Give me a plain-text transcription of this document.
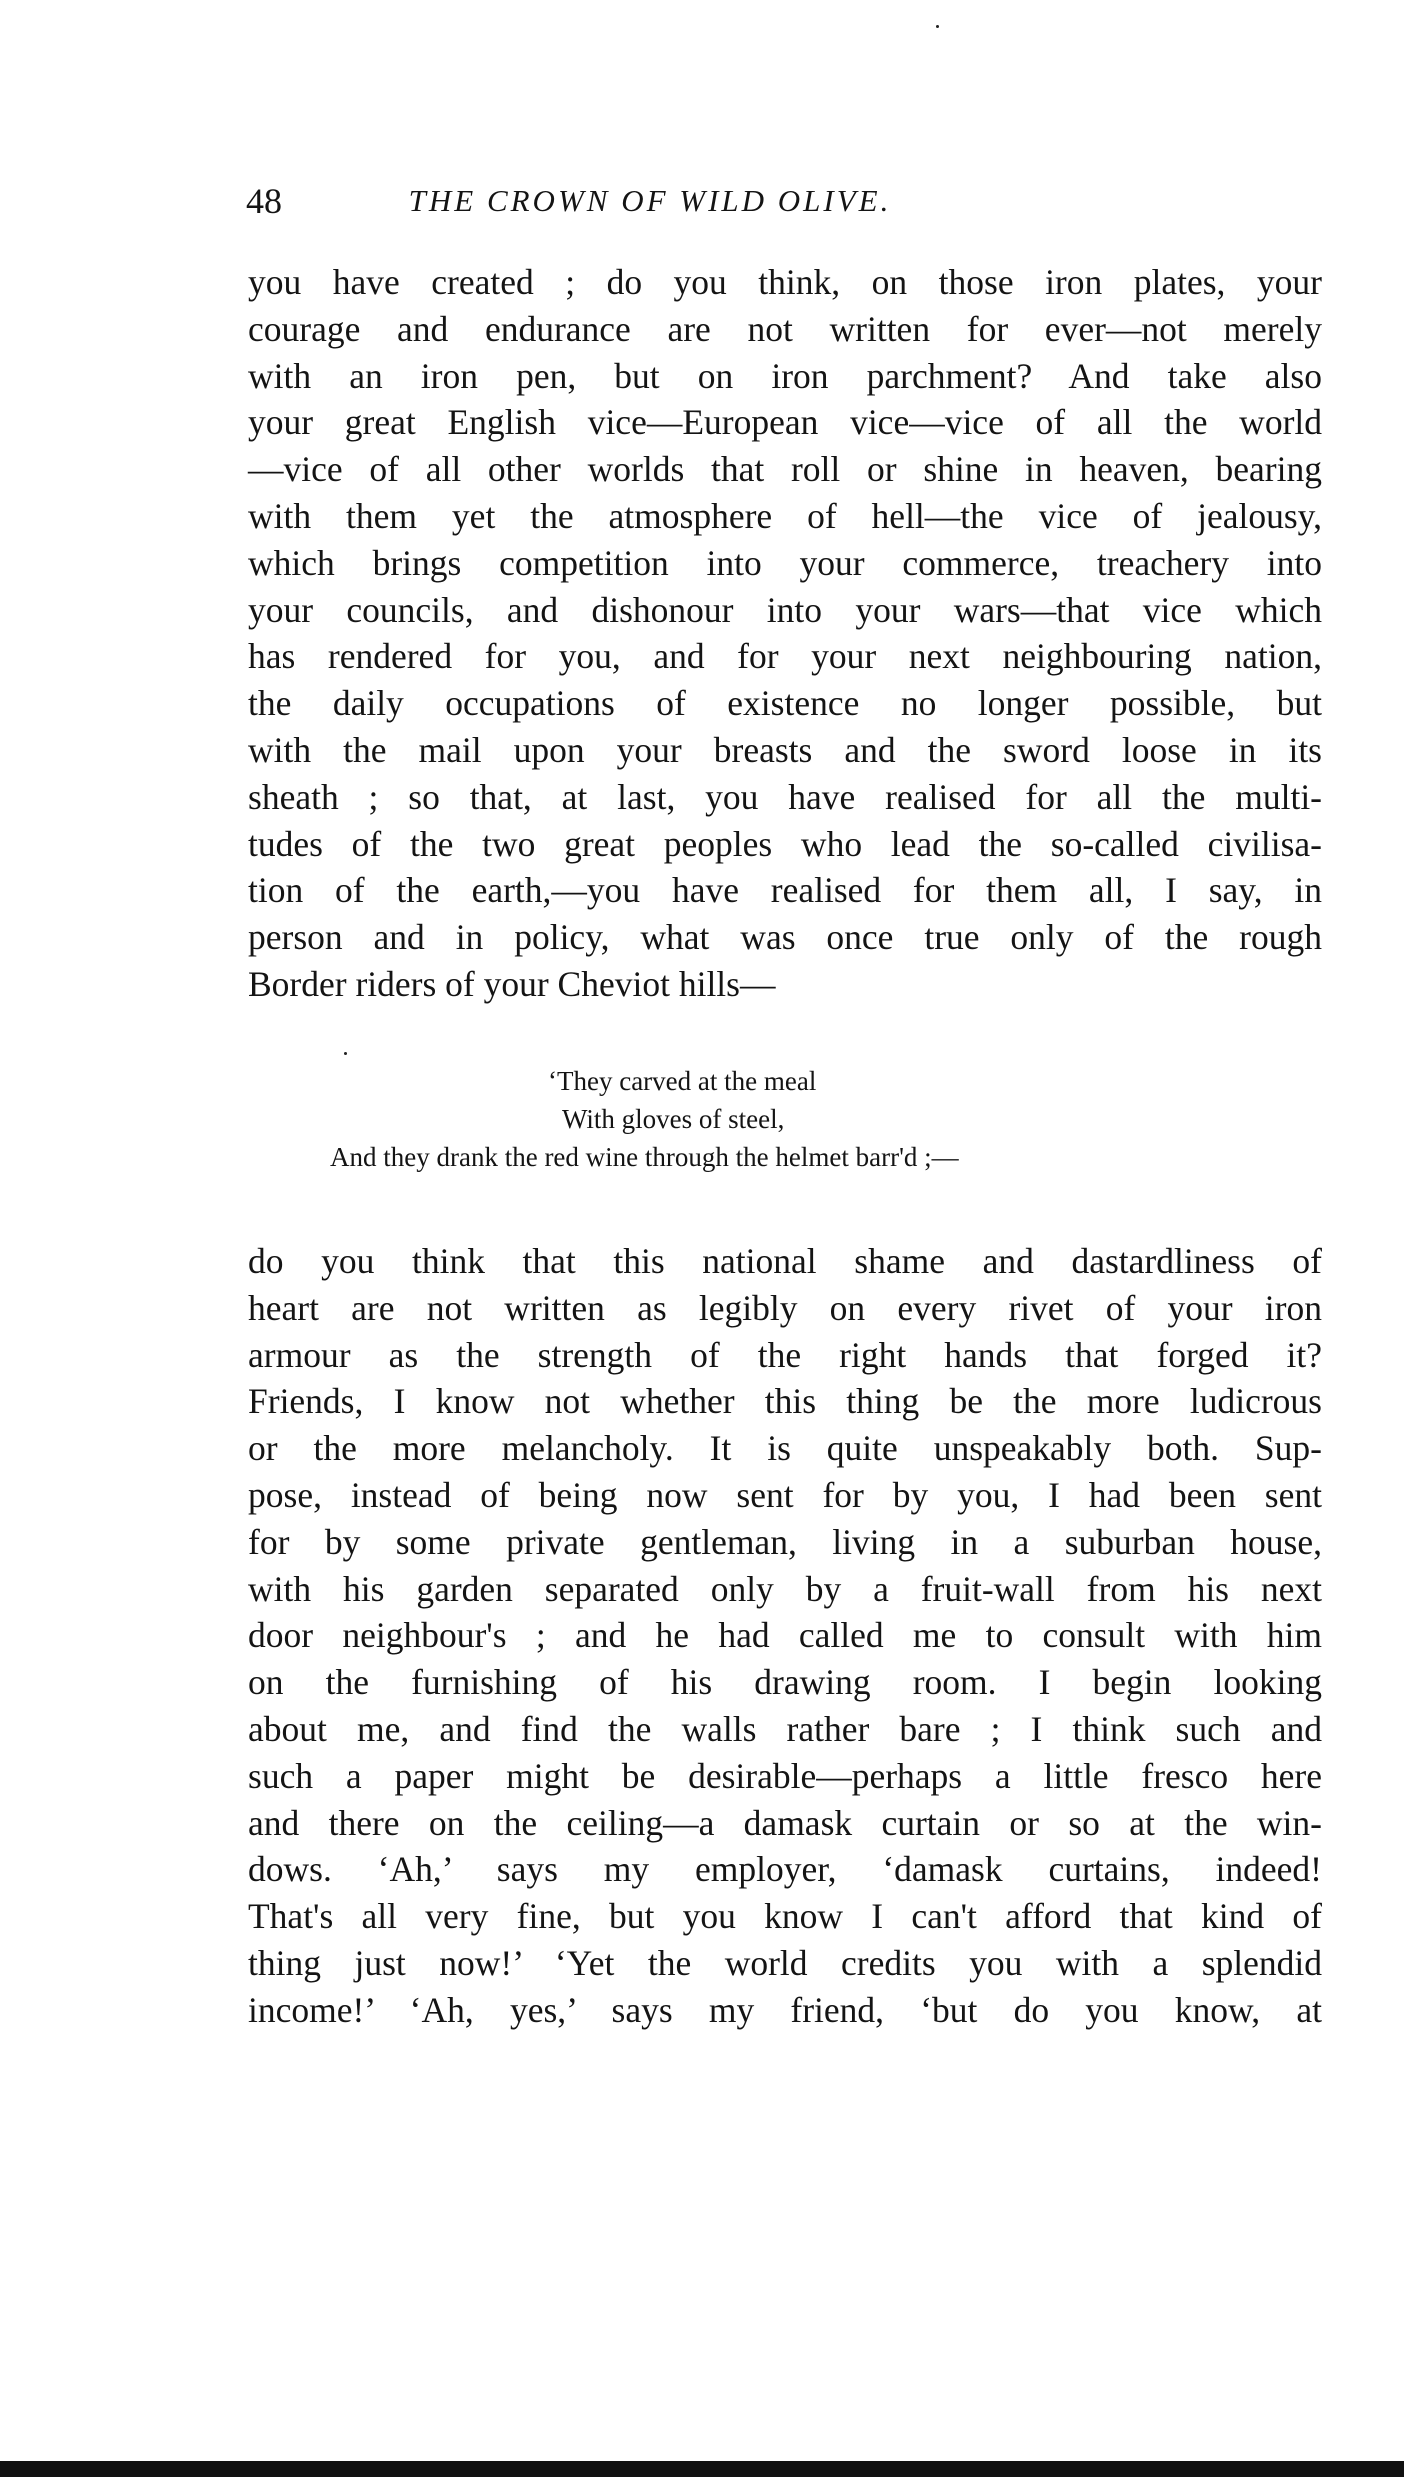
48	THE CROWN OF WILD OLIVE.

you have created ; do you think, on those iron plates, your
courage and endurance are not written for ever—not merely
with an iron pen, but on iron parchment? And take also
your great English vice—European vice—vice of all the world
—vice of all other worlds that roll or shine in heaven, bearing
with them yet the atmosphere of hell—the vice of jealousy,
which brings competition into your commerce, treachery into
your councils, and dishonour into your wars—that vice which
has rendered for you, and for your next neighbouring nation,
the daily occupations of existence no longer possible, but
with the mail upon your breasts and the sword loose in its
sheath ; so that, at last, you have realised for all the multi-
tudes of the two great peoples who lead the so-called civilisa-
tion of the earth,—you have realised for them all, I say, in
person and in policy, what was once true only of the rough
Border riders of your Cheviot hills—

‘They carved at the meal
With gloves of steel,
And they drank the red wine through the helmet barr'd ;—

do you think that this national shame and dastardliness of
heart are not written as legibly on every rivet of your iron
armour as the strength of the right hands that forged it?
Friends, I know not whether this thing be the more ludicrous
or the more melancholy. It is quite unspeakably both. Sup-
pose, instead of being now sent for by you, I had been sent
for by some private gentleman, living in a suburban house,
with his garden separated only by a fruit-wall from his next
door neighbour's ; and he had called me to consult with him
on the furnishing of his drawing room. I begin looking
about me, and find the walls rather bare ; I think such and
such a paper might be desirable—perhaps a little fresco here
and there on the ceiling—a damask curtain or so at the win-
dows. ‘Ah,’ says my employer, ‘damask curtains, indeed!
That's all very fine, but you know I can't afford that kind of
thing just now!’ ‘Yet the world credits you with a splendid
income!’ ‘Ah, yes,’ says my friend, ‘but do you know, at
